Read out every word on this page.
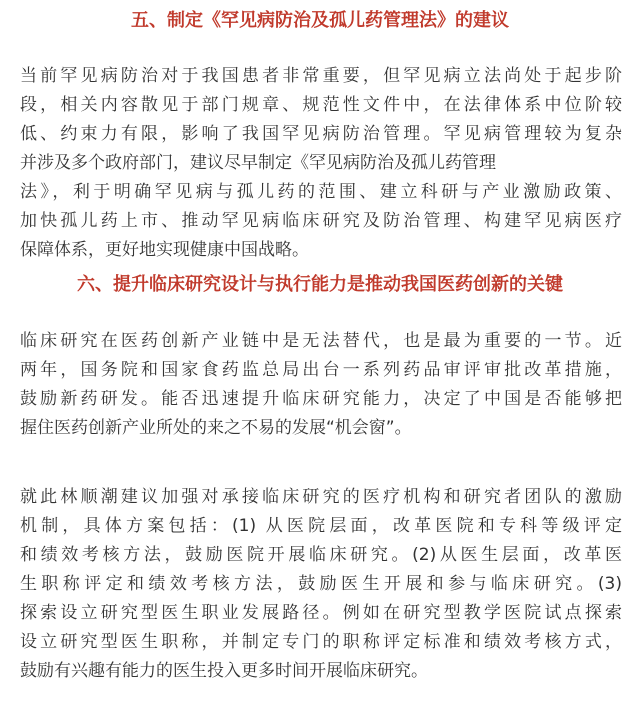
五、制定《罕见病防治及孤儿药管理法》的建议

当前罕见病防治对于我国患者非常重要，但罕见病立法尚处于起步阶
段，相关内容散见于部门规章、规范性文件中，在法律体系中位阶较
低、约束力有限，影响了我国罕见病防治管理。罕见病管理较为复杂
并涉及多个政府部门，建议尽早制定《罕见病防治及孤儿药管理
法》，利于明确罕见病与孤儿药的范围、建立科研与产业激励政策、
加快孤儿药上市、推动罕见病临床研究及防治管理、构建罕见病医疗
保障体系，更好地实现健康中国战略。

六、提升临床研究设计与执行能力是推动我国医药创新的关键

临床研究在医药创新产业链中是无法替代，也是最为重要的一节。近
两年，国务院和国家食药监总局出台一系列药品审评审批改革措施，
鼓励新药研发。能否迅速提升临床研究能力，决定了中国是否能够把
握住医药创新产业所处的来之不易的发展“机会窗”。

就此林顺潮建议加强对承接临床研究的医疗机构和研究者团队的激励
机制，具体方案包括：(1) 从医院层面，改革医院和专科等级评定
和绩效考核方法，鼓励医院开展临床研究。(2)从医生层面，改革医
生职称评定和绩效考核方法，鼓励医生开展和参与临床研究。(3)
探索设立研究型医生职业发展路径。例如在研究型教学医院试点探索
设立研究型医生职称，并制定专门的职称评定标准和绩效考核方式，
鼓励有兴趣有能力的医生投入更多时间开展临床研究。
